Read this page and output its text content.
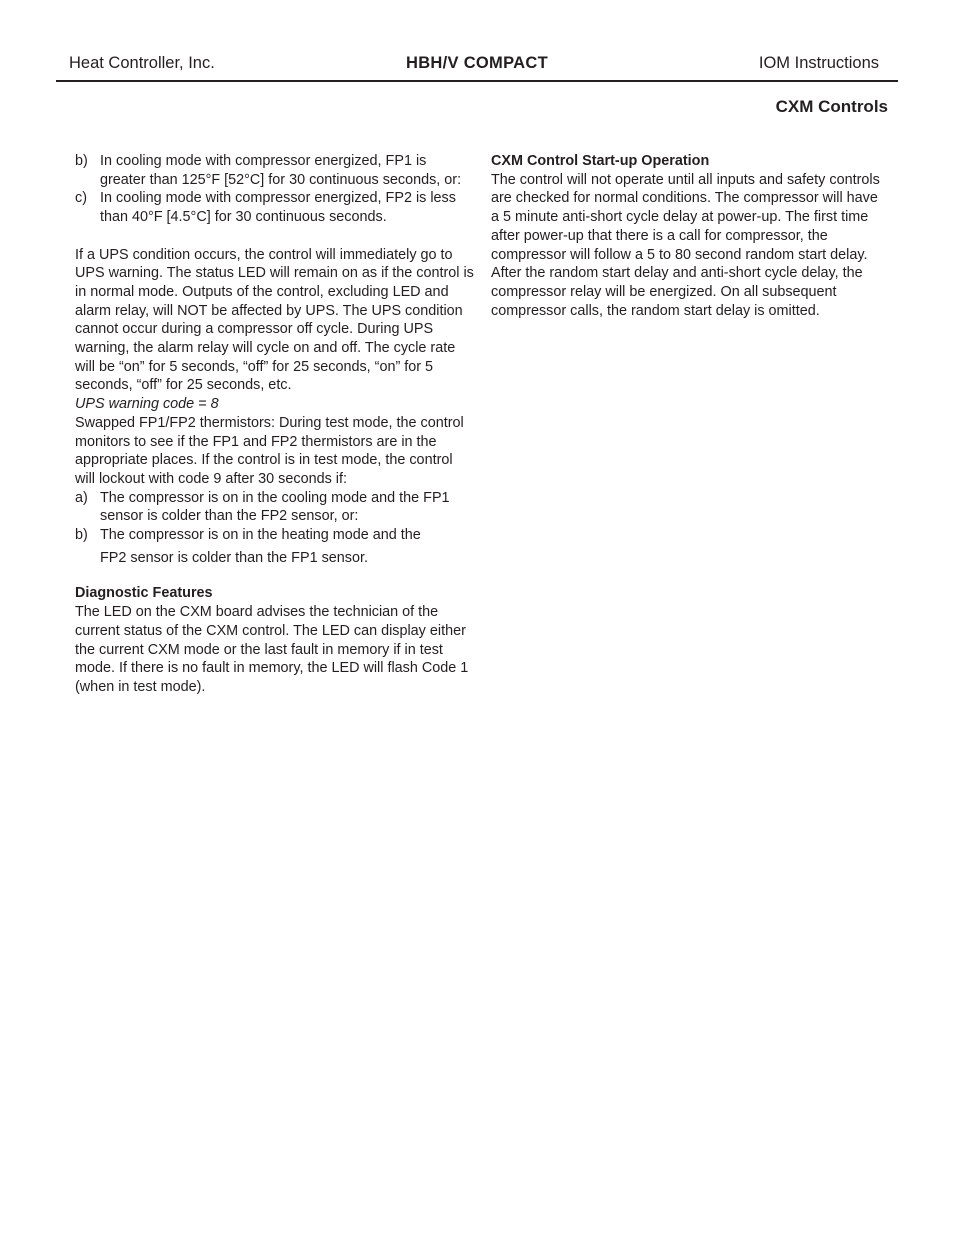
Heat Controller, Inc.	HBH/V COMPACT	IOM Instructions
CXM Controls
b) In cooling mode with compressor energized, FP1 is greater than 125°F [52°C] for 30 continuous seconds, or:
c) In cooling mode with compressor energized, FP2 is less than 40°F [4.5°C] for 30 continuous seconds.

If a UPS condition occurs, the control will immediately go to UPS warning. The status LED will remain on as if the control is in normal mode. Outputs of the control, excluding LED and alarm relay, will NOT be affected by UPS. The UPS condition cannot occur during a compressor off cycle. During UPS warning, the alarm relay will cycle on and off. The cycle rate will be “on” for 5 seconds, “off” for 25 seconds, “on” for 5 seconds, “off” for 25 seconds, etc.

UPS warning code = 8

Swapped FP1/FP2 thermistors: During test mode, the control monitors to see if the FP1 and FP2 thermistors are in the appropriate places. If the control is in test mode, the control will lockout with code 9 after 30 seconds if:

a) The compressor is on in the cooling mode and the FP1 sensor is colder than the FP2 sensor, or:
b) The compressor is on in the heating mode and the
FP2 sensor is colder than the FP1 sensor.

Diagnostic Features

The LED on the CXM board advises the technician of the current status of the CXM control. The LED can display either the current CXM mode or the last fault in memory if in test mode. If there is no fault in memory, the LED will flash Code 1 (when in test mode).

CXM Control Start-up Operation

The control will not operate until all inputs and safety controls are checked for normal conditions. The compressor will have a 5 minute anti-short cycle delay at power-up. The first time after power-up that there is a call for compressor, the compressor will follow a 5 to 80 second random start delay. After the random start delay and anti-short cycle delay, the compressor relay will be energized. On all subsequent compressor calls, the random start delay is omitted.
